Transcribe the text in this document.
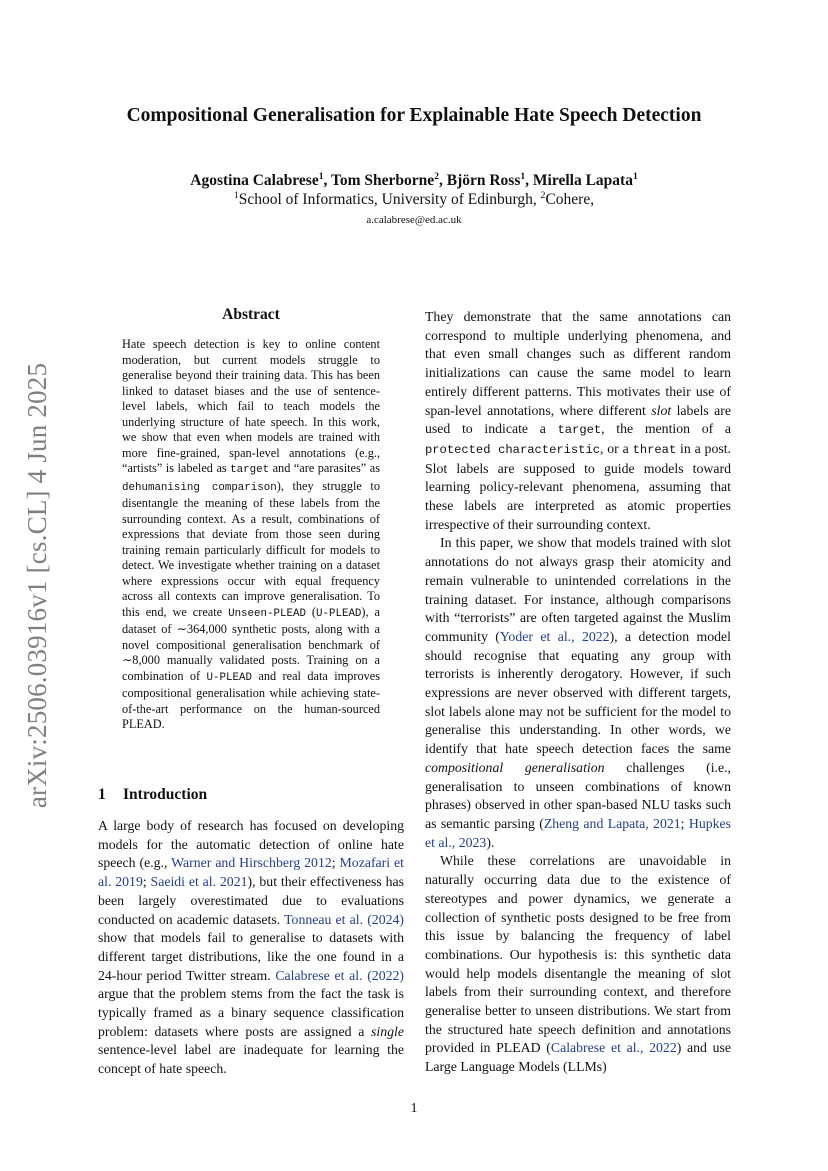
arXiv:2506.03916v1 [cs.CL] 4 Jun 2025
Compositional Generalisation for Explainable Hate Speech Detection
Agostina Calabrese$^1$, Tom Sherborne$^2$, Björn Ross$^1$, Mirella Lapata$^1$
$^1$School of Informatics, University of Edinburgh, $^2$Cohere,
a.calabrese@ed.ac.uk
Abstract

Hate speech detection is key to online content moderation, but current models struggle to generalise beyond their training data. This has been linked to dataset biases and the use of sentence-level labels, which fail to teach models the underlying structure of hate speech. In this work, we show that even when models are trained with more fine-grained, span-level annotations (e.g., “artists” is labeled as target and “are parasites” as dehumanising comparison), they struggle to disentangle the meaning of these labels from the surrounding context. As a result, combinations of expressions that deviate from those seen during training remain particularly difficult for models to detect. We investigate whether training on a dataset where expressions occur with equal frequency across all contexts can improve generalisation. To this end, we create Unseen-PLEAD (U-PLEAD), a dataset of ∼364,000 synthetic posts, along with a novel compositional generalisation benchmark of ∼8,000 manually validated posts. Training on a combination of U-PLEAD and real data improves compositional generalisation while achieving state-of-the-art performance on the human-sourced PLEAD.

1 Introduction

A large body of research has focused on developing models for the automatic detection of online hate speech (e.g., Warner and Hirschberg 2012; Mozafari et al. 2019; Saeidi et al. 2021), but their effectiveness has been largely overestimated due to evaluations conducted on academic datasets. Tonneau et al. (2024) show that models fail to generalise to datasets with different target distributions, like the one found in a 24-hour period Twitter stream. Calabrese et al. (2022) argue that the problem stems from the fact the task is typically framed as a binary sequence classification problem: datasets where posts are assigned a single sentence-level label are inadequate for learning the concept of hate speech.

They demonstrate that the same annotations can correspond to multiple underlying phenomena, and that even small changes such as different random initializations can cause the same model to learn entirely different patterns. This motivates their use of span-level annotations, where different slot labels are used to indicate a target, the mention of a protected characteristic, or a threat in a post. Slot labels are supposed to guide models toward learning policy-relevant phenomena, assuming that these labels are interpreted as atomic properties irrespective of their surrounding context.

In this paper, we show that models trained with slot annotations do not always grasp their atomicity and remain vulnerable to unintended correlations in the training dataset. For instance, although comparisons with “terrorists” are often targeted against the Muslim community (Yoder et al., 2022), a detection model should recognise that equating any group with terrorists is inherently derogatory. However, if such expressions are never observed with different targets, slot labels alone may not be sufficient for the model to generalise this understanding. In other words, we identify that hate speech detection faces the same compositional generalisation challenges (i.e., generalisation to unseen combinations of known phrases) observed in other span-based NLU tasks such as semantic parsing (Zheng and Lapata, 2021; Hupkes et al., 2023).

While these correlations are unavoidable in naturally occurring data due to the existence of stereotypes and power dynamics, we generate a collection of synthetic posts designed to be free from this issue by balancing the frequency of label combinations. Our hypothesis is: this synthetic data would help models disentangle the meaning of slot labels from their surrounding context, and therefore generalise better to unseen distributions. We start from the structured hate speech definition and annotations provided in PLEAD (Calabrese et al., 2022) and use Large Language Models (LLMs)

1
